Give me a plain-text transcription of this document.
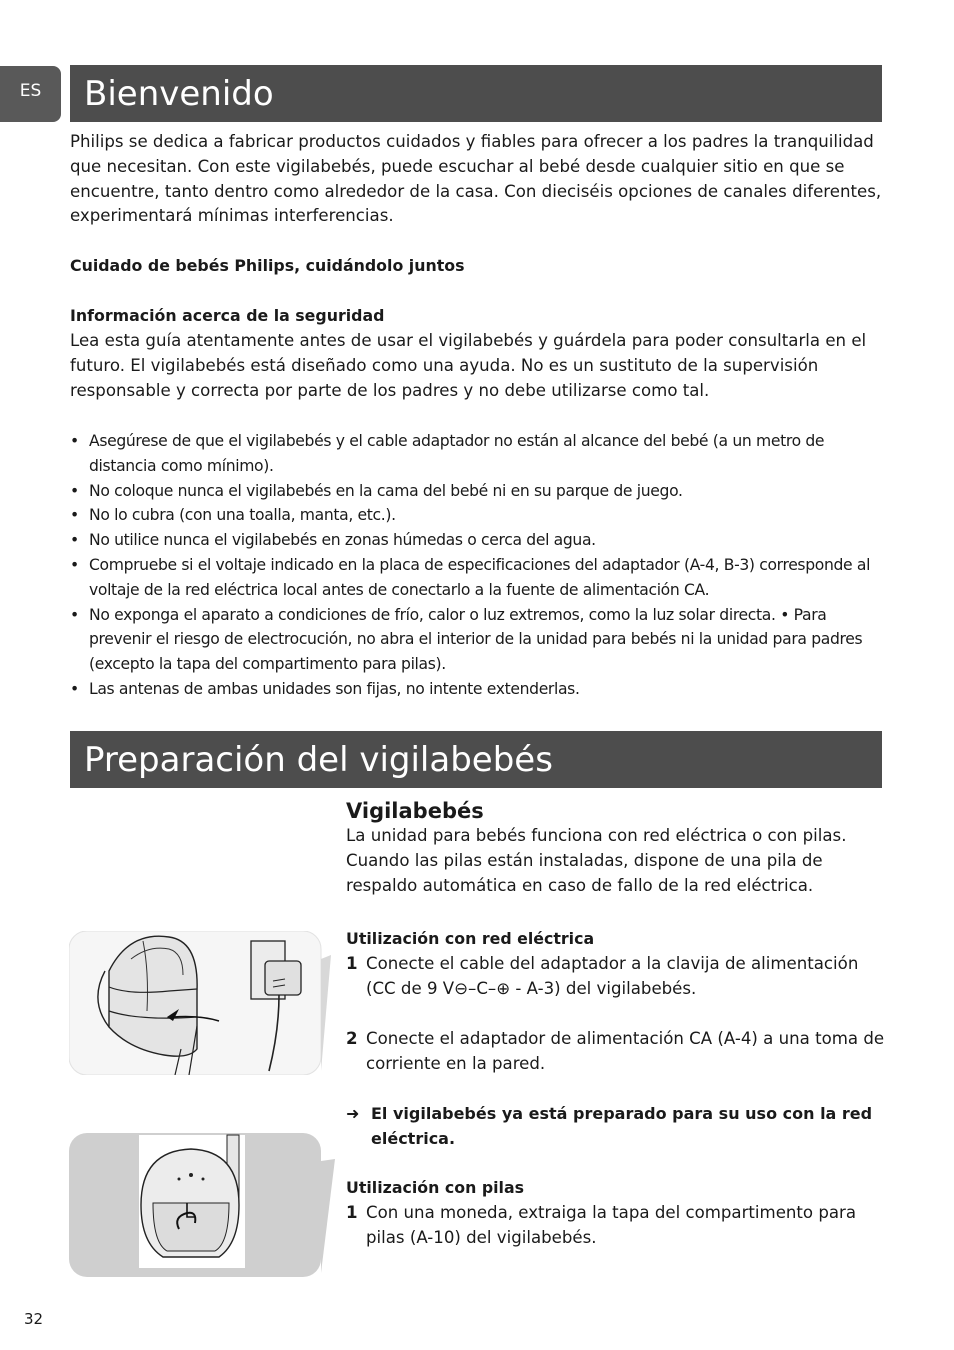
ES	Bienvenido
Philips se dedica a fabricar productos cuidados y fiables para ofrecer a los padres la tranquilidad que necesitan. Con este vigilabebés, puede escuchar al bebé desde cualquier sitio en que se encuentre, tanto dentro como alrededor de la casa. Con dieciséis opciones de canales diferentes, experimentará mínimas interferencias.
Cuidado de bebés Philips, cuidándolo juntos
Información acerca de la seguridad
Lea esta guía atentamente antes de usar el vigilabebés y guárdela para poder consultarla en el futuro. El vigilabebés está diseñado como una ayuda. No es un sustituto de la supervisión responsable y correcta por parte de los padres y no debe utilizarse como tal.
• Asegúrese de que el vigilabebés y el cable adaptador no están al alcance del bebé (a un metro de distancia como mínimo).
• No coloque nunca el vigilabebés en la cama del bebé ni en su parque de juego.
• No lo cubra (con una toalla, manta, etc.).
• No utilice nunca el vigilabebés en zonas húmedas o cerca del agua.
• Compruebe si el voltaje indicado en la placa de especificaciones del adaptador (A-4, B-3) corresponde al voltaje de la red eléctrica local antes de conectarlo a la fuente de alimentación CA.
• No exponga el aparato a condiciones de frío, calor o luz extremos, como la luz solar directa. • Para prevenir el riesgo de electrocución, no abra el interior de la unidad para bebés ni la unidad para padres (excepto la tapa del compartimento para pilas).
• Las antenas de ambas unidades son fijas, no intente extenderlas.
Preparación del vigilabebés
Vigilabebés

La unidad para bebés funciona con red eléctrica o con pilas. Cuando las pilas están instaladas, dispone de una pila de respaldo automática en caso de fallo de la red eléctrica.

Utilización con red eléctrica
1 Conecte el cable del adaptador a la clavija de alimentación (CC de 9 V⊖–C–⊕ - A-3) del vigilabebés.
2 Conecte el adaptador de alimentación CA (A-4) a una toma de corriente en la pared.
➜ El vigilabebés ya está preparado para su uso con la red eléctrica.
Utilización con pilas
1 Con una moneda, extraiga la tapa del compartimento para pilas (A-10) del vigilabebés.
32
